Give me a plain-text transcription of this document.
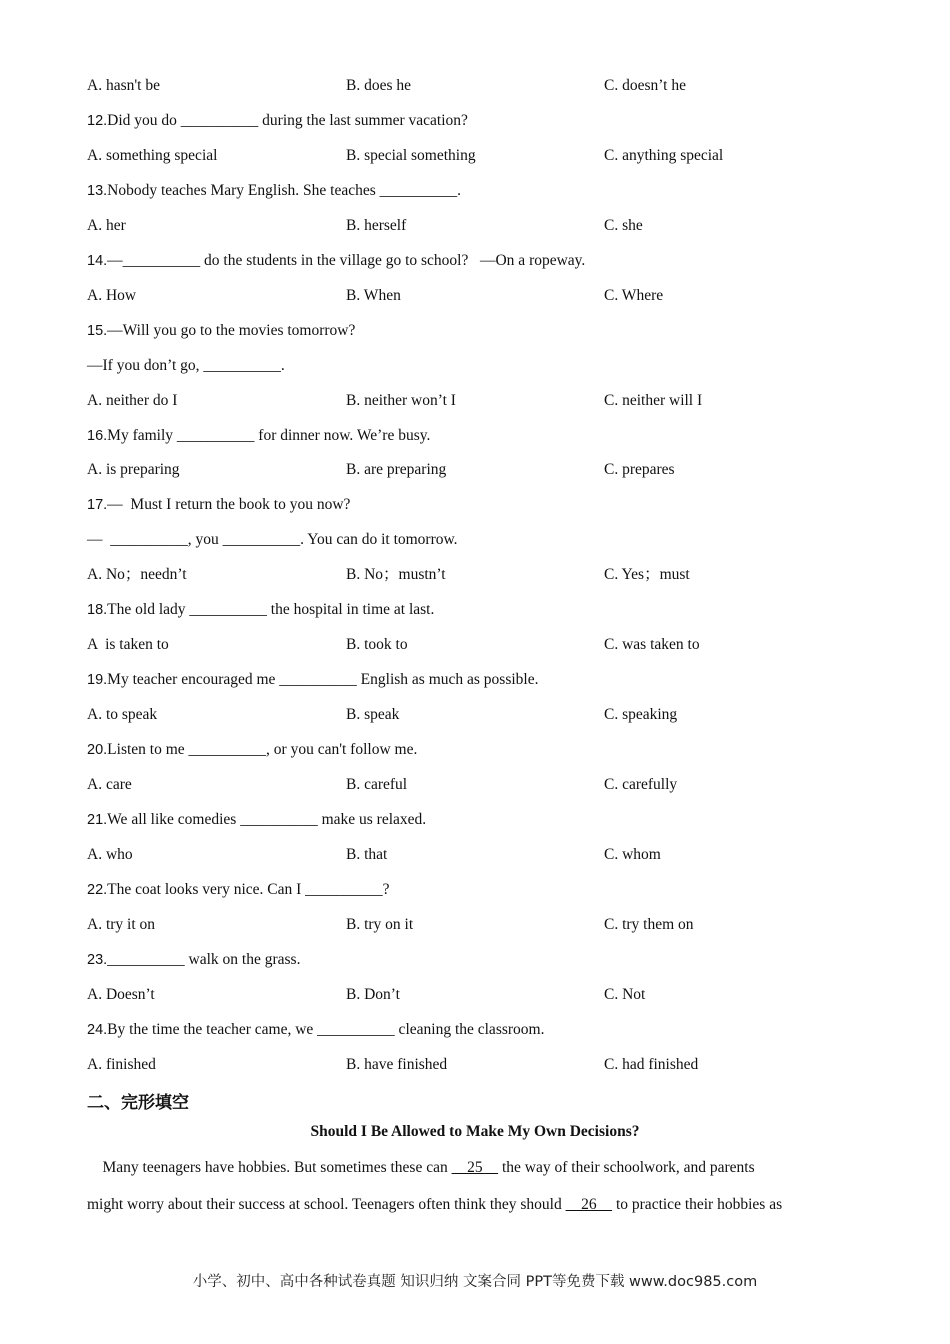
A. hasn't be	B. does he	C. doesn’t he
12.Did you do __________ during the last summer vacation?
A. something special	B. special something	C. anything special
13.Nobody teaches Mary English. She teaches __________.
A. her	B. herself	C. she
14.—__________ do the students in the village go to school?   —On a ropeway.
A. How	B. When	C. Where
15.—Will you go to the movies tomorrow?
—If you don’t go, __________.
A. neither do I	B. neither won’t I	C. neither will I
16.My family __________ for dinner now. We’re busy.
A. is preparing	B. are preparing	C. prepares
17.—  Must I return the book to you now?
—  __________, you __________. You can do it tomorrow.
A. No；needn’t	B. No；mustn’t	C. Yes；must
18.The old lady __________ the hospital in time at last.
A  is taken to	B. took to	C. was taken to
19.My teacher encouraged me __________ English as much as possible.
A. to speak	B. speak	C. speaking
20.Listen to me __________, or you can't follow me.
A. care	B. careful	C. carefully
21.We all like comedies __________ make us relaxed.
A. who	B. that	C. whom
22.The coat looks very nice. Can I __________?
A. try it on	B. try on it	C. try them on
23.__________ walk on the grass.
A. Doesn’t	B. Don’t	C. Not
24.By the time the teacher came, we __________ cleaning the classroom.
A. finished	B. have finished	C. had finished
二、完形填空
Should I Be Allowed to Make My Own Decisions?
Many teenagers have hobbies. But sometimes these can     25     the way of their schoolwork, and parents
might worry about their success at school. Teenagers often think they should     26     to practice their hobbies as
小学、初中、高中各种试卷真题 知识归纳 文案合同 PPT等免费下载 www.doc985.com
